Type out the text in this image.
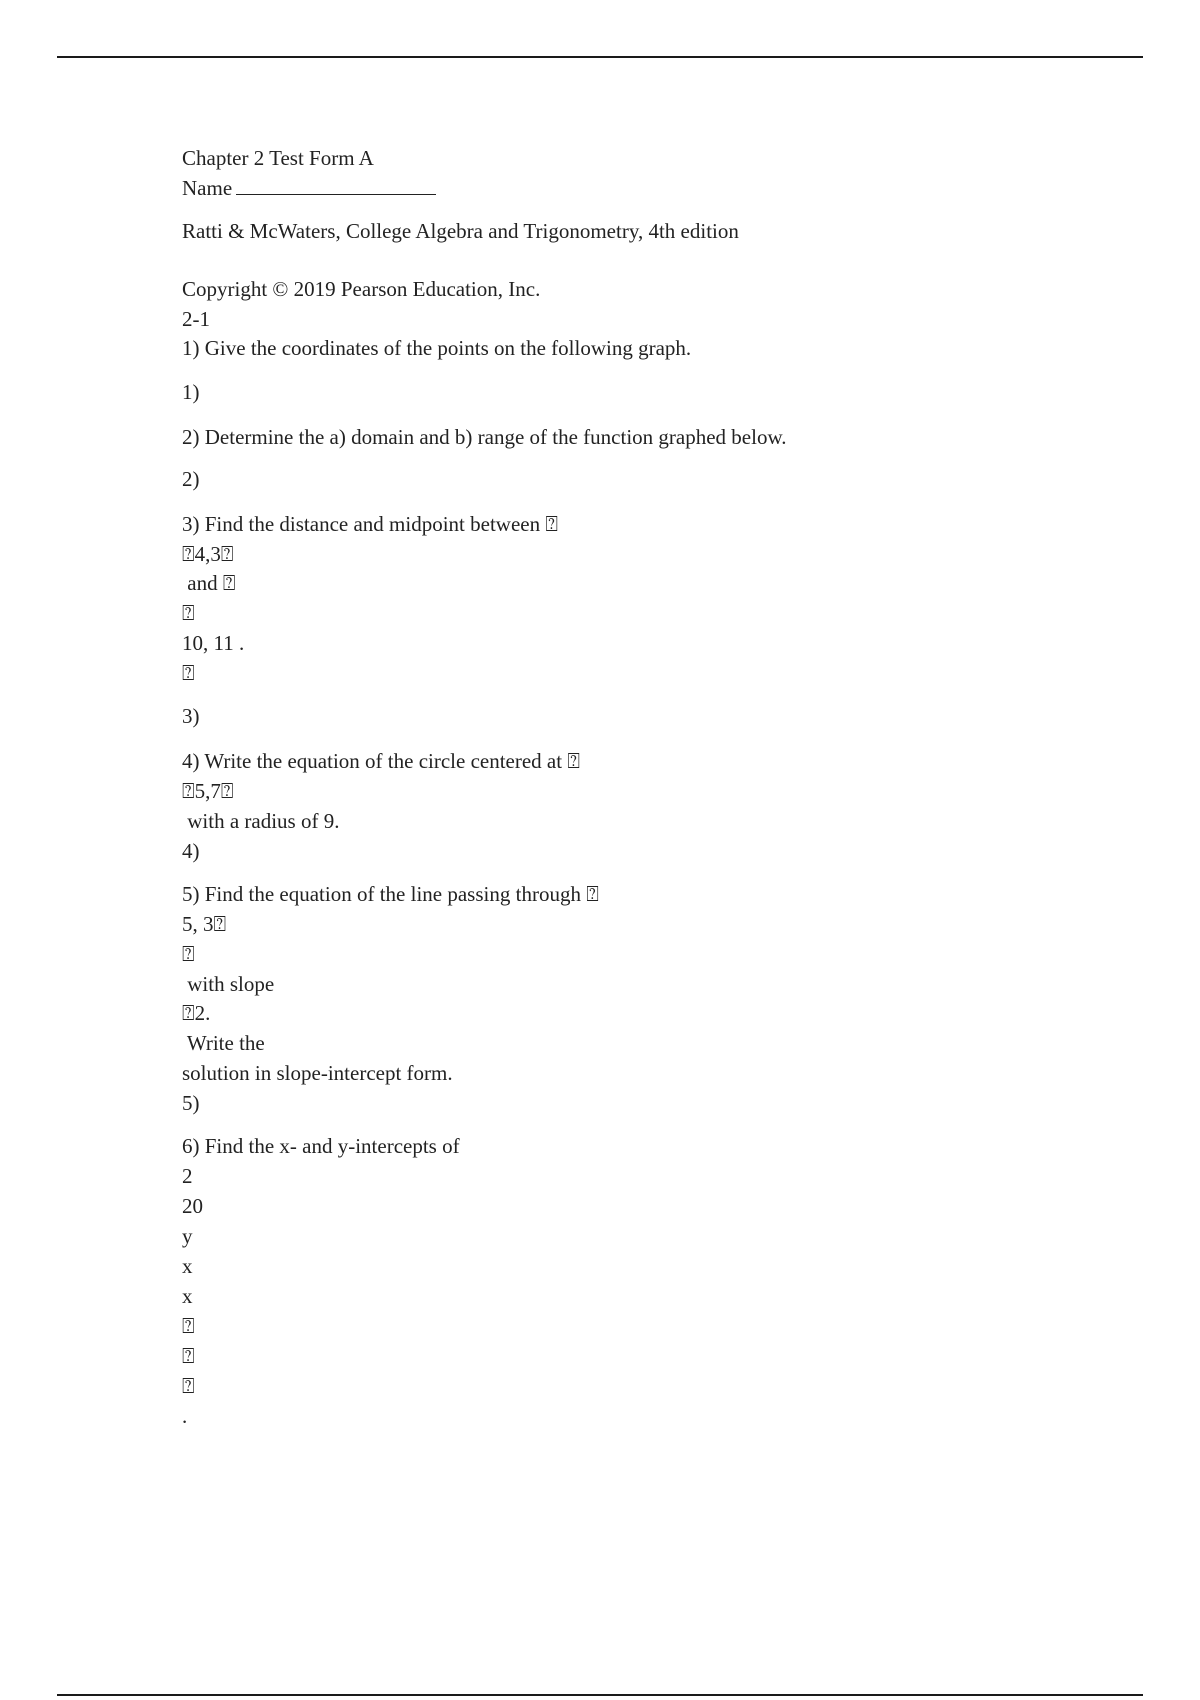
Chapter 2 Test Form A
Name
Ratti & McWaters, College Algebra and Trigonometry, 4th edition
Copyright © 2019 Pearson Education, Inc.
2-1
1) Give the coordinates of the points on the following graph.
1)
2) Determine the a) domain and b) range of the function graphed below.
2)
3) Find the distance and midpoint between ⍰
⍰4,3⍰
and ⍰
⍰
10, 11 .
⍰
3)
4) Write the equation of the circle centered at ⍰
⍰5,7⍰
with a radius of 9.
4)
5) Find the equation of the line passing through ⍰
5, 3⍰
⍰
with slope
⍰2.
Write the
solution in slope-intercept form.
5)
6) Find the x- and y-intercepts of
2
20
y
x
x
⍰
⍰
⍰
.
